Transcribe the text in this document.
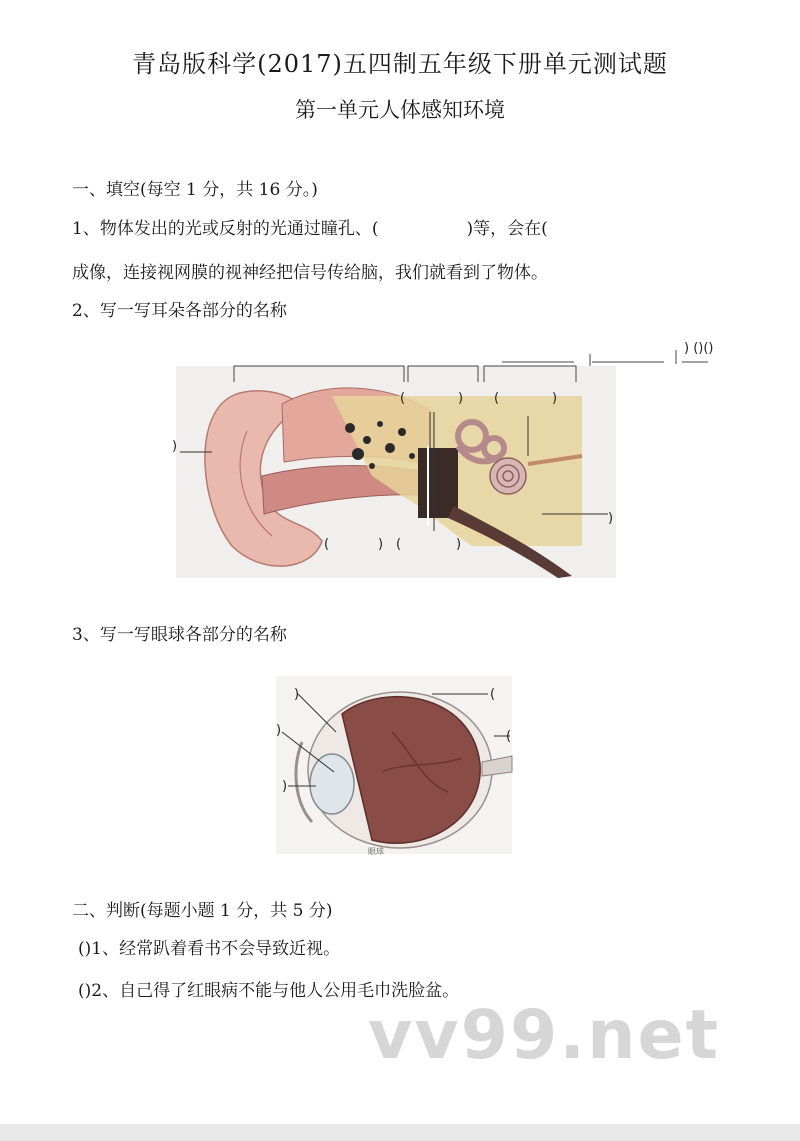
青岛版科学(2017)五四制五年级下册单元测试题
第一单元人体感知环境
一、填空(每空 1 分，共 16 分。)
1、物体发出的光或反射的光通过瞳孔、(	)等，会在(
成像，连接视网膜的视神经把信号传给脑，我们就看到了物体。
2、写一写耳朵各部分的名称
) ()()
)
(	) (	)
(	) (	)
)
3、写一写眼球各部分的名称
)
)
)
(
(
眼球
二、判断(每题小题 1 分，共 5 分)
()1、经常趴着看书不会导致近视。
()2、自己得了红眼病不能与他人公用毛巾洗脸盆。
vv99.net
